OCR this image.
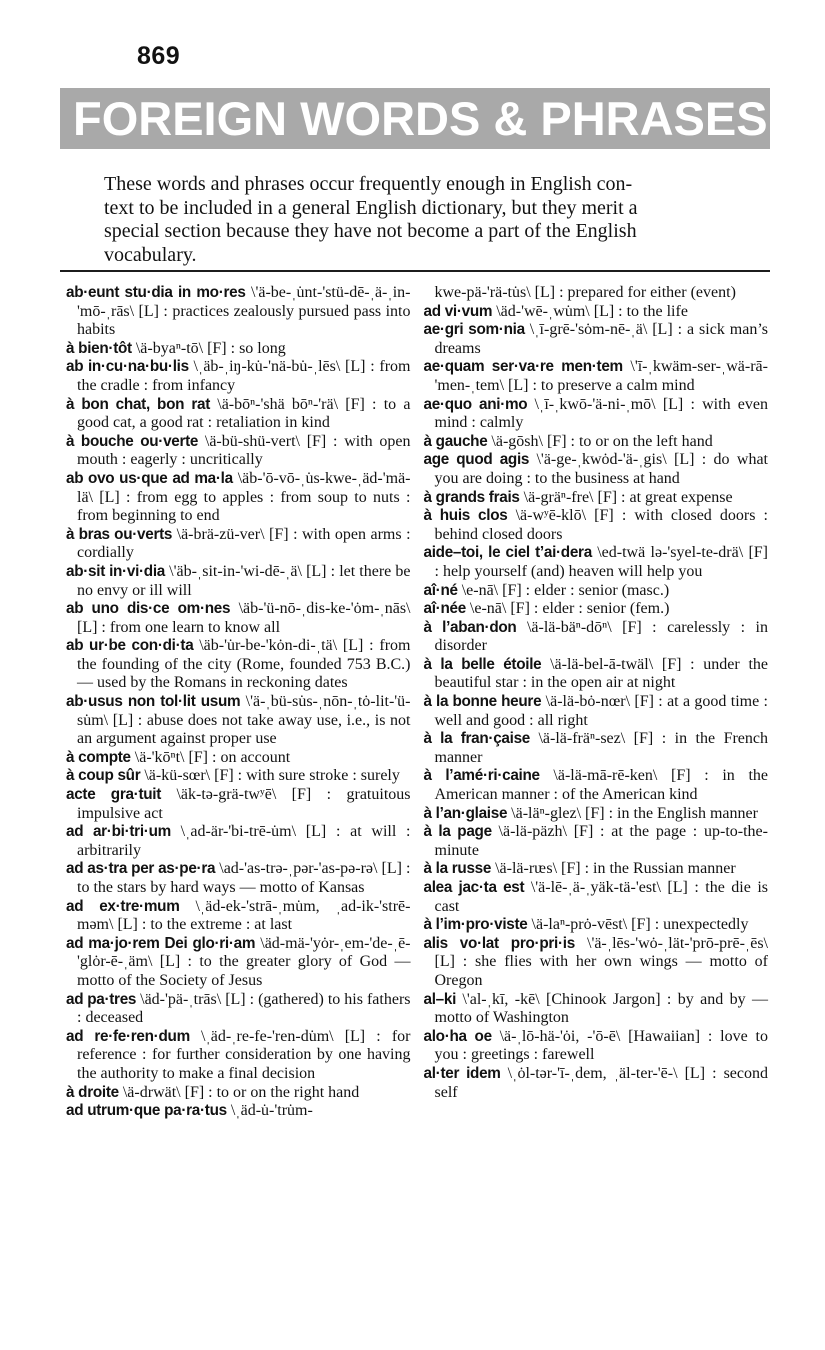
869
FOREIGN WORDS & PHRASES
These words and phrases occur frequently enough in English con-
text to be included in a general English dictionary, but they merit a
special section because they have not become a part of the English
vocabulary.
ab·eunt stu·dia in mo·res \'ä-be-ˌu̇nt-'stü-dē-ˌä-ˌin-'mō-ˌrās\ [L] : practices zealously pursued pass into habits
à bien·tôt \ä-byaⁿ-tō\ [F] : so long
ab in·cu·na·bu·lis \ˌäb-ˌiŋ-ku̇-'nä-bu̇-ˌlēs\ [L] : from the cradle : from infancy
à bon chat, bon rat \ä-bōⁿ-'shä bōⁿ-'rä\ [F] : to a good cat, a good rat : retaliation in kind
à bouche ou·verte \ä-bü-shü-vert\ [F] : with open mouth : eagerly : uncritically
ab ovo us·que ad ma·la \äb-'ō-vō-ˌu̇s-kwe-ˌäd-'mä-lä\ [L] : from egg to apples : from soup to nuts : from beginning to end
à bras ou·verts \ä-brä-zü-ver\ [F] : with open arms : cordially
ab·sit in·vi·dia \'äb-ˌsit-in-'wi-dē-ˌä\ [L] : let there be no envy or ill will
ab uno dis·ce om·nes \äb-'ü-nō-ˌdis-ke-'ȯm-ˌnās\ [L] : from one learn to know all
ab ur·be con·di·ta \äb-'u̇r-be-'kȯn-di-ˌtä\ [L] : from the founding of the city (Rome, founded 753 B.C.) — used by the Romans in reckoning dates
ab·usus non tol·lit usum \'ä-ˌbü-su̇s-ˌnōn-ˌtȯ-lit-'ü-su̇m\ [L] : abuse does not take away use, i.e., is not an argument against proper use
à compte \ä-'kōⁿt\ [F] : on account
à coup sûr \ä-kü-sœr\ [F] : with sure stroke : surely
acte gra·tuit \äk-tə-grä-twʸē\ [F] : gratuitous impulsive act
ad ar·bi·tri·um \ˌad-är-'bi-trē-u̇m\ [L] : at will : arbitrarily
ad as·tra per as·pe·ra \ad-'as-trə-ˌpər-'as-pə-rə\ [L] : to the stars by hard ways — motto of Kansas
ad ex·tre·mum \ˌäd-ek-'strā-ˌmu̇m, ˌad-ik-'strē-məm\ [L] : to the extreme : at last
ad ma·jo·rem Dei glo·ri·am \äd-mä-'yȯr-ˌem-'de-ˌē-'glȯr-ē-ˌäm\ [L] : to the greater glory of God — motto of the Society of Jesus
ad pa·tres \äd-'pä-ˌtrās\ [L] : (gathered) to his fathers : deceased
ad re·fe·ren·dum \ˌäd-ˌre-fe-'ren-du̇m\ [L] : for reference : for further consideration by one having the authority to make a final decision
à droite \ä-drwät\ [F] : to or on the right hand
ad utrum·que pa·ra·tus \ˌäd-u̇-'tru̇m-
kwe-pä-'rä-tu̇s\ [L] : prepared for either (event)
ad vi·vum \äd-'wē-ˌwu̇m\ [L] : to the life
ae·gri som·nia \ˌī-grē-'sȯm-nē-ˌä\ [L] : a sick man’s dreams
ae·quam ser·va·re men·tem \'ī-ˌkwäm-ser-ˌwä-rā-'men-ˌtem\ [L] : to preserve a calm mind
ae·quo ani·mo \ˌī-ˌkwō-'ä-ni-ˌmō\ [L] : with even mind : calmly
à gauche \ä-gōsh\ [F] : to or on the left hand
age quod agis \'ä-ge-ˌkwȯd-'ä-ˌgis\ [L] : do what you are doing : to the business at hand
à grands frais \ä-gräⁿ-fre\ [F] : at great expense
à huis clos \ä-wʸē-klō\ [F] : with closed doors : behind closed doors
aide–toi, le ciel t’ai·dera \ed-twä lə-'syel-te-drä\ [F] : help yourself (and) heaven will help you
aî·né \e-nā\ [F] : elder : senior (masc.)
aî·née \e-nā\ [F] : elder : senior (fem.)
à l’aban·don \ä-lä-bäⁿ-dōⁿ\ [F] : carelessly : in disorder
à la belle étoile \ä-lä-bel-ā-twäl\ [F] : under the beautiful star : in the open air at night
à la bonne heure \ä-lä-bȯ-nœr\ [F] : at a good time : well and good : all right
à la fran·çaise \ä-lä-fräⁿ-sez\ [F] : in the French manner
à l’amé·ri·caine \ä-lä-mā-rē-ken\ [F] : in the American manner : of the American kind
à l’an·glaise \ä-läⁿ-glez\ [F] : in the English manner
à la page \ä-lä-päzh\ [F] : at the page : up-to-the-minute
à la russe \ä-lä-rᵫs\ [F] : in the Russian manner
alea jac·ta est \'ä-lē-ˌä-ˌyäk-tä-'est\ [L] : the die is cast
à l’im·pro·viste \ä-laⁿ-prȯ-vēst\ [F] : unexpectedly
alis vo·lat pro·pri·is \'ä-ˌlēs-'wȯ-ˌlät-'prō-prē-ˌēs\ [L] : she flies with her own wings — motto of Oregon
al–ki \'al-ˌkī, -kē\ [Chinook Jargon] : by and by — motto of Washington
alo·ha oe \ä-ˌlō-hä-'ȯi, -'ō-ē\ [Hawaiian] : love to you : greetings : farewell
al·ter idem \ˌȯl-tər-'ī-ˌdem, ˌäl-ter-'ē-\ [L] : second self
